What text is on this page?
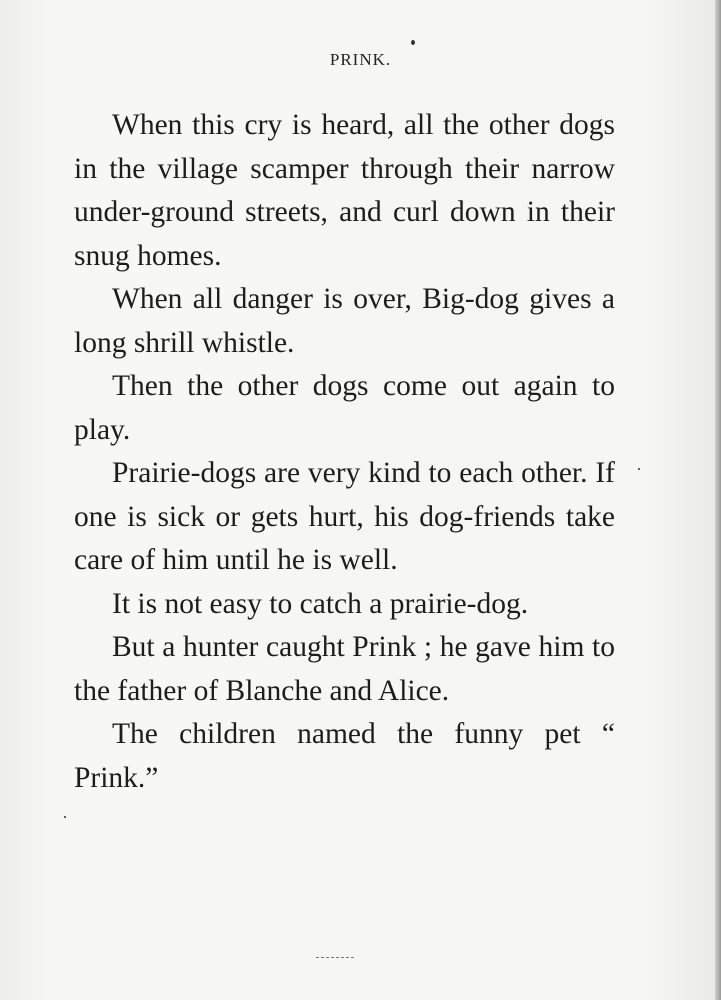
PRINK.

When this cry is heard, all the other dogs in the village scamper through their narrow under-ground streets, and curl down in their snug homes.

When all danger is over, Big-dog gives a long shrill whistle.

Then the other dogs come out again to play.

Prairie-dogs are very kind to each other. If one is sick or gets hurt, his dog-friends take care of him until he is well.

It is not easy to catch a prairie-dog.

But a hunter caught Prink ; he gave him to the father of Blanche and Alice.

The children named the funny pet “ Prink.”
